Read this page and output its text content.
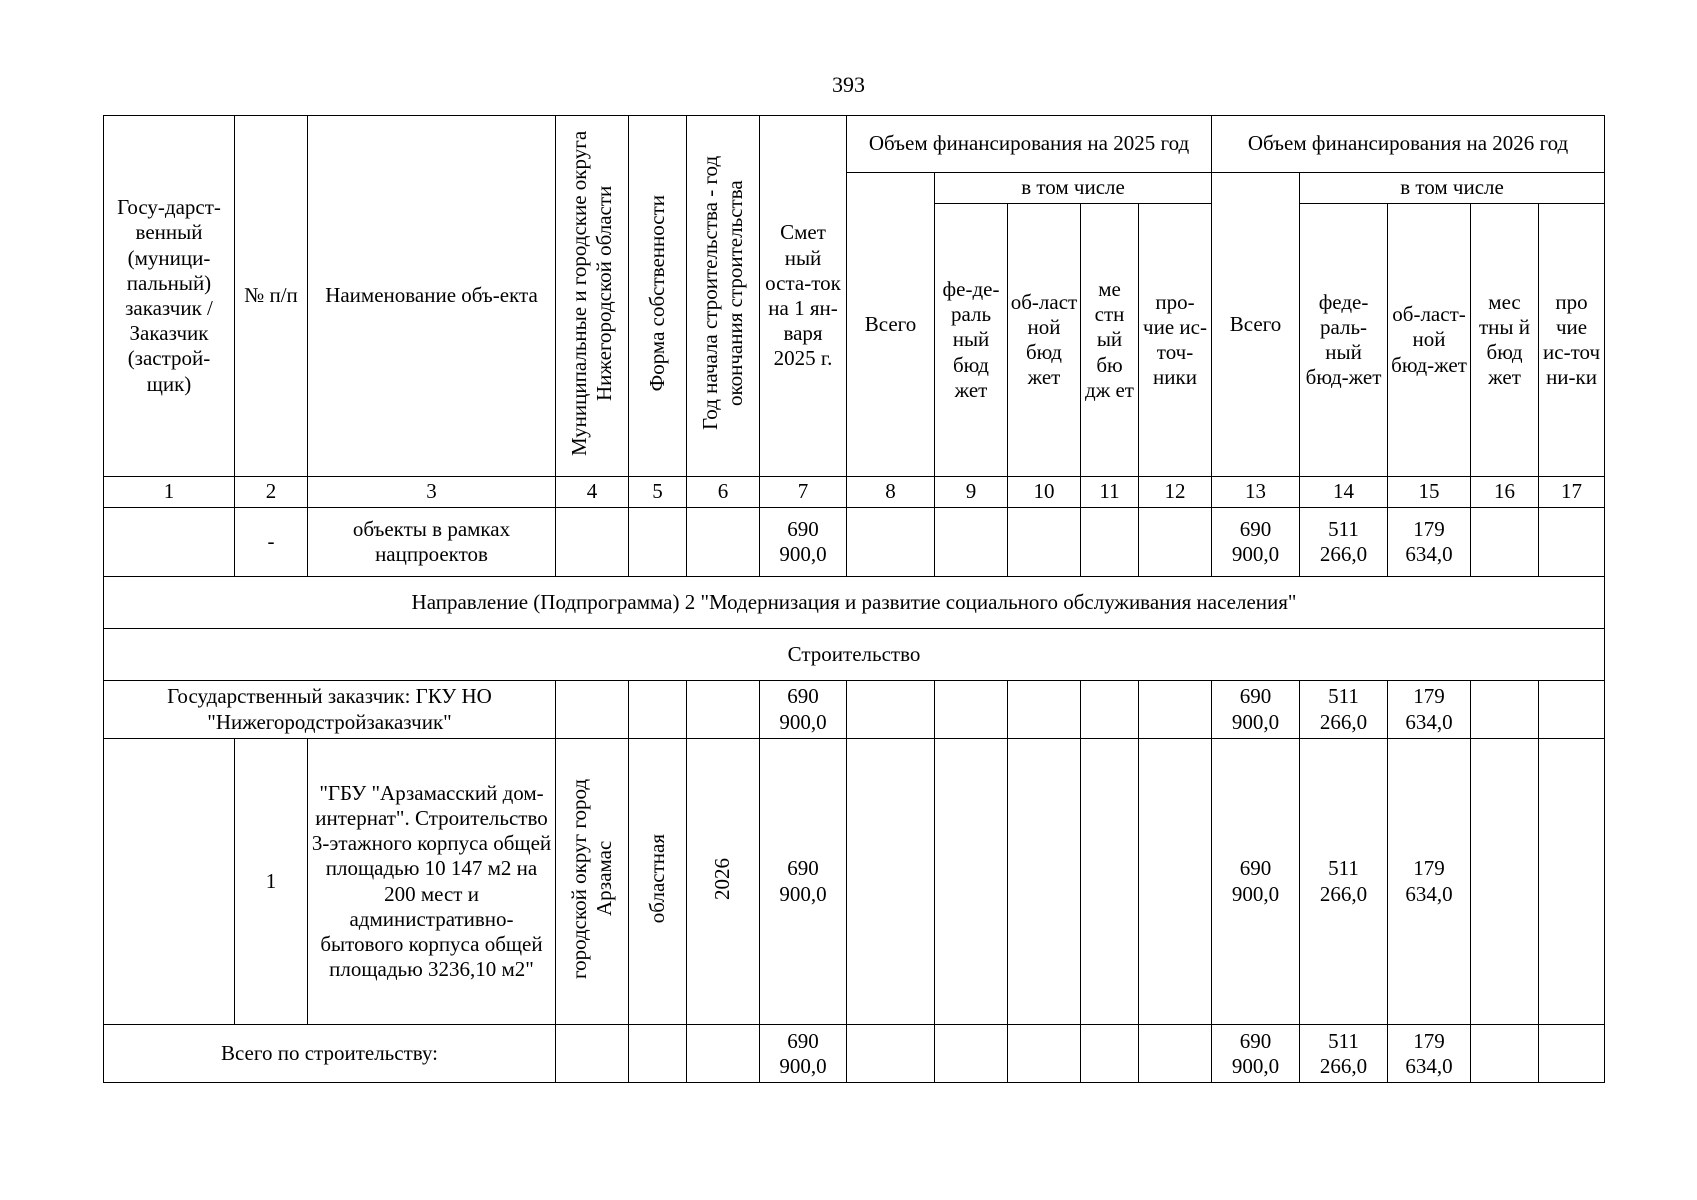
393
Госу-дарст-венный (муници-пальный) заказчик / Заказчик (застрой-щик)	№ п/п	Наименование объ-екта	Муниципальные и городские округа Нижегородской области	Форма собственности	Год начала строительства - год окончания строительства	Смет ный оста-ток на 1 ян-варя 2025 г.	Объем финансирования на 2025 год					Объем финансирования на 2026 год				

							Всего	в том числе				Всего	в том числе			

								фе-де-раль ный бюд жет	об-ласт ной бюд жет	ме стн ый бю дж ет	про-чие ис-точ-ники		феде-раль-ный бюд-жет	об-ласт-ной бюд-жет	мес тны й бюд жет	про чие ис-точ ни-ки

1	2	3	4	5	6	7	8	9	10	11	12	13	14	15	16	17
	-	объекты в рамках нацпроектов				690 900,0						690 900,0	511 266,0	179 634,0		
Направление (Подпрограмма) 2 "Модернизация и развитие социального обслуживания населения"																
Строительство																
Государственный заказчик: ГКУ НО "Нижегородстройзаказчик"						690 900,0						690 900,0	511 266,0	179 634,0		
	1	"ГБУ "Арзамасский дом-интернат". Строительство 3-этажного корпуса общей площадью 10 147 м2 на 200 мест и административно-бытового корпуса общей площадью 3236,10 м2"	городской округ город Арзамас	областная	2026	690 900,0						690 900,0	511 266,0	179 634,0		
Всего по строительству:						690 900,0						690 900,0	511 266,0	179 634,0		
